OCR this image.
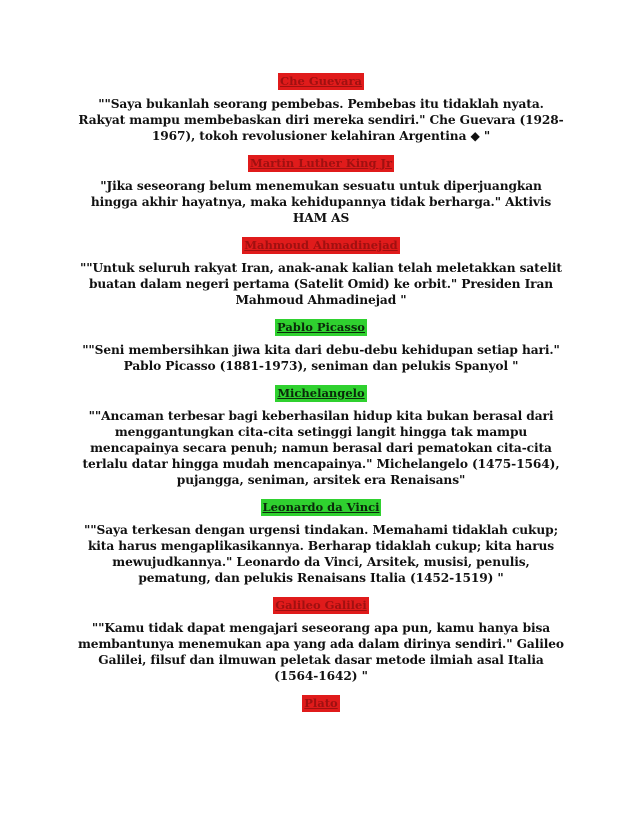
Che Guevara

""Saya bukanlah seorang pembebas. Pembebas itu tidaklah nyata. Rakyat mampu membebaskan diri mereka sendiri." Che Guevara (1928-1967), tokoh revolusioner kelahiran Argentina ◆ "

Martin Luther King Jr

"Jika seseorang belum menemukan sesuatu untuk diperjuangkan hingga akhir hayatnya, maka kehidupannya tidak berharga." Aktivis HAM AS

Mahmoud Ahmadinejad

""Untuk seluruh rakyat Iran, anak-anak kalian telah meletakkan satelit buatan dalam negeri pertama (Satelit Omid) ke orbit." Presiden Iran Mahmoud Ahmadinejad "

Pablo Picasso

""Seni membersihkan jiwa kita dari debu-debu kehidupan setiap hari." Pablo Picasso (1881-1973), seniman dan pelukis Spanyol "

Michelangelo

""Ancaman terbesar bagi keberhasilan hidup kita bukan berasal dari menggantungkan cita-cita setinggi langit hingga tak mampu mencapainya secara penuh; namun berasal dari pematokan cita-cita terlalu datar hingga mudah mencapainya." Michelangelo (1475-1564), pujangga, seniman, arsitek era Renaisans"

Leonardo da Vinci

""Saya terkesan dengan urgensi tindakan. Memahami tidaklah cukup; kita harus mengaplikasikannya. Berharap tidaklah cukup; kita harus mewujudkannya." Leonardo da Vinci, Arsitek, musisi, penulis, pematung, dan pelukis Renaisans Italia (1452-1519) "

Galileo Galilei

""Kamu tidak dapat mengajari seseorang apa pun, kamu hanya bisa membantunya menemukan apa yang ada dalam dirinya sendiri." Galileo Galilei, filsuf dan ilmuwan peletak dasar metode ilmiah asal Italia (1564-1642) "

Plato
